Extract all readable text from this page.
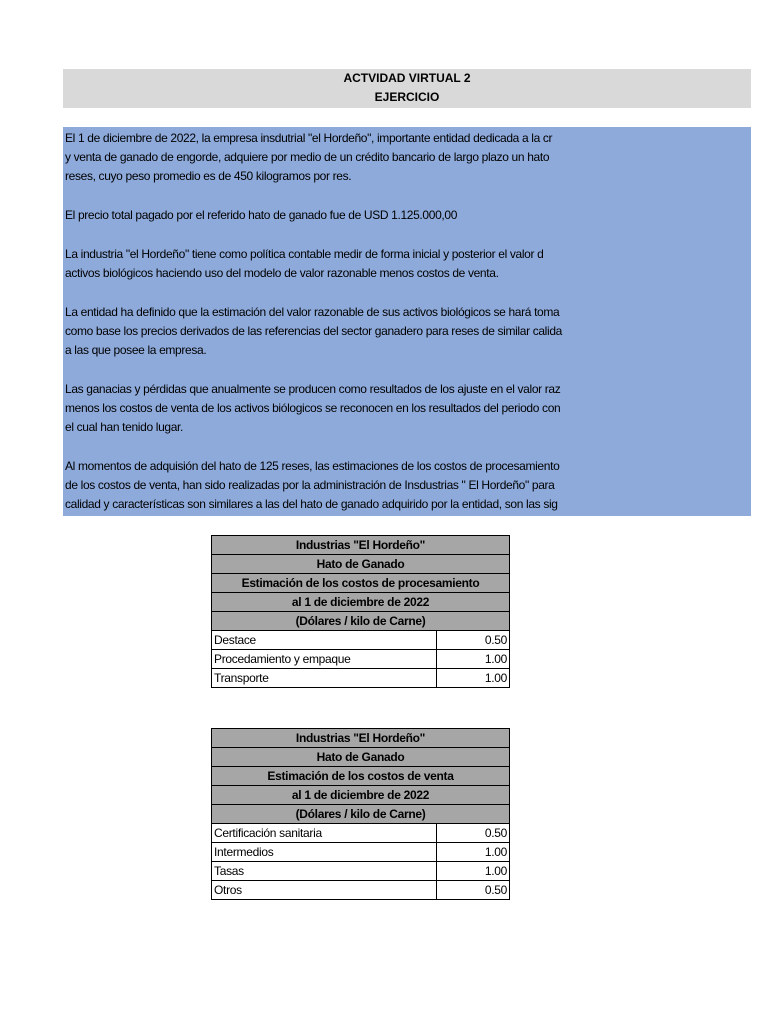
ACTVIDAD VIRTUAL 2
EJERCICIO
El 1 de diciembre de 2022, la empresa insdutrial "el Hordeño", importante entidad dedicada a la cr
y venta de ganado de engorde, adquiere por medio de un crédito bancario de largo plazo un hato
reses, cuyo peso promedio es de 450 kilogramos por res.
El precio total pagado por el referido hato de ganado fue de USD 1.125.000,00
La industria "el Hordeño" tiene como política contable medir de forma inicial y posterior el valor d
activos biológicos haciendo uso del modelo de valor razonable menos costos de venta.
La entidad ha definido que la estimación del valor razonable de sus activos biológicos se hará toma
como base los precios derivados de las referencias del sector ganadero para reses de similar calida
a las que posee la empresa.
Las ganacias y pérdidas que anualmente se producen como resultados de los ajuste en el valor raz
menos los costos de venta de los activos biólogicos se reconocen en los resultados del periodo con
el cual han tenido lugar.
Al momentos de adquisión del hato de 125 reses, las estimaciones de los costos de procesamiento
de los costos de venta, han sido realizadas por la administración de Insdustrias " El Hordeño" para
calidad y características son similares a las del hato de ganado adquirido por la entidad, son las sig
Industrias "El Hordeño"	
Hato de Ganado	
Estimación de los costos de procesamiento	
al 1 de diciembre de 2022	
(Dólares / kilo de Carne)	
Destace	0.50
Procedamiento y empaque	1.00
Transporte	1.00
Industrias "El Hordeño"	
Hato de Ganado	
Estimación de los costos de venta	
al 1 de diciembre de 2022	
(Dólares / kilo de Carne)	
Certificación sanitaria	0.50
Intermedios	1.00
Tasas	1.00
Otros	0.50
